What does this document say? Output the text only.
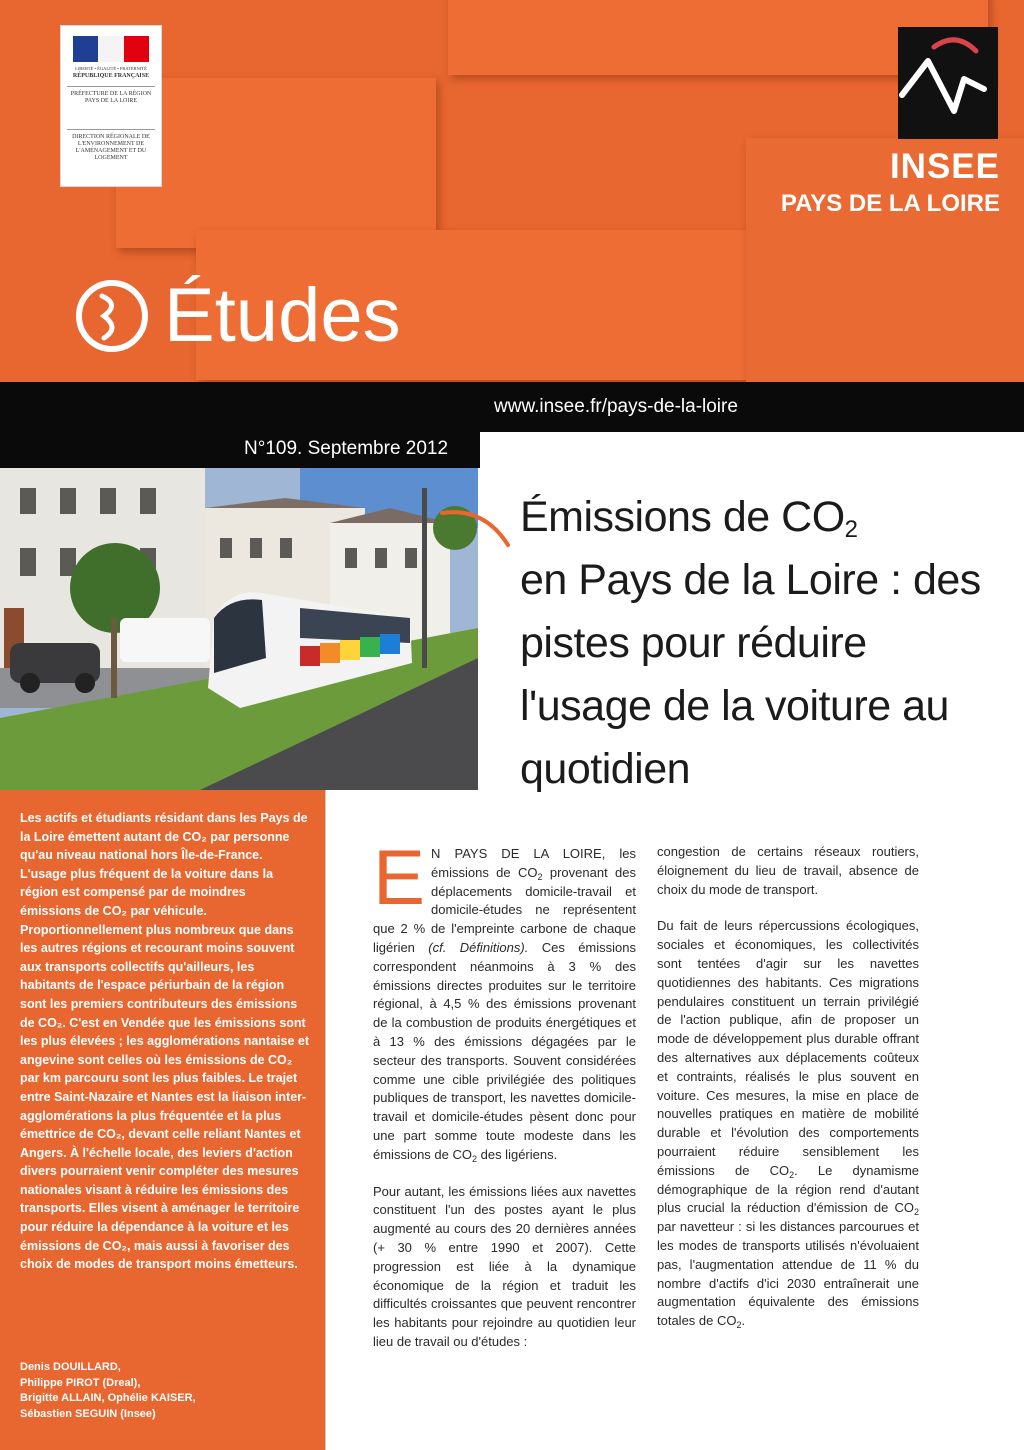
LIBERTÉ • ÉGALITÉ • FRATERNITÉ
RÉPUBLIQUE FRANÇAISE
PRÉFECTURE DE LA RÉGION PAYS DE LA LOIRE
DIRECTION RÉGIONALE DE L'ENVIRONNEMENT DE L'AMÉNAGEMENT ET DU LOGEMENT	INSEE
PAYS DE LA LOIRE
Études
www.insee.fr/pays-de-la-loire
N°109. Septembre 2012
Émissions de $CO_2$
en Pays de la Loire : des pistes pour réduire l'usage de la voiture au quotidien
Les actifs et étudiants résidant dans les Pays de la Loire émettent autant de CO₂ par personne qu'au niveau national hors Île-de-France. L'usage plus fréquent de la voiture dans la région est compensé par de moindres émissions de CO₂ par véhicule. Proportionnellement plus nombreux que dans les autres régions et recourant moins souvent aux transports collectifs qu'ailleurs, les habitants de l'espace périurbain de la région sont les premiers contributeurs des émissions de CO₂. C'est en Vendée que les émissions sont les plus élevées ; les agglomérations nantaise et angevine sont celles où les émissions de CO₂ par km parcouru sont les plus faibles. Le trajet entre Saint-Nazaire et Nantes est la liaison inter-agglomérations la plus fréquentée et la plus émettrice de CO₂, devant celle reliant Nantes et Angers. À l'échelle locale, des leviers d'action divers pourraient venir compléter des mesures nationales visant à réduire les émissions des transports. Elles visent à aménager le territoire pour réduire la dépendance à la voiture et les émissions de CO₂, mais aussi à favoriser des choix de modes de transport moins émetteurs.
Denis DOUILLARD,
Philippe PIROT (Dreal),
Brigitte ALLAIN, Ophélie KAISER,
Sébastien SEGUIN (Insee)

E N PAYS DE LA LOIRE, les émissions de $CO_2$ provenant des déplacements domicile-travail et domicile-études ne représentent que 2 % de l'empreinte carbone de chaque ligérien (cf. Définitions). Ces émissions correspondent néanmoins à 3 % des émissions directes produites sur le territoire régional, à 4,5 % des émissions provenant de la combustion de produits énergétiques et à 13 % des émissions dégagées par le secteur des transports. Souvent considérées comme une cible privilégiée des politiques publiques de transport, les navettes domicile-travail et domicile-études pèsent donc pour une part somme toute modeste dans les émissions de $CO_2$ des ligériens.

Pour autant, les émissions liées aux navettes constituent l'un des postes ayant le plus augmenté au cours des 20 dernières années (+ 30 % entre 1990 et 2007). Cette progression est liée à la dynamique économique de la région et traduit les difficultés croissantes que peuvent rencontrer les habitants pour rejoindre au quotidien leur lieu de travail ou d'études :

congestion de certains réseaux routiers, éloignement du lieu de travail, absence de choix du mode de transport.

Du fait de leurs répercussions écologiques, sociales et économiques, les collectivités sont tentées d'agir sur les navettes quotidiennes des habitants. Ces migrations pendulaires constituent un terrain privilégié de l'action publique, afin de proposer un mode de développement plus durable offrant des alternatives aux déplacements coûteux et contraints, réalisés le plus souvent en voiture. Ces mesures, la mise en place de nouvelles pratiques en matière de mobilité durable et l'évolution des comportements pourraient réduire sensiblement les émissions de $CO_2$. Le dynamisme démographique de la région rend d'autant plus crucial la réduction d'émission de $CO_2$ par navetteur : si les distances parcourues et les modes de transports utilisés n'évoluaient pas, l'augmentation attendue de 11 % du nombre d'actifs d'ici 2030 entraînerait une augmentation équivalente des émissions totales de $CO_2$.
